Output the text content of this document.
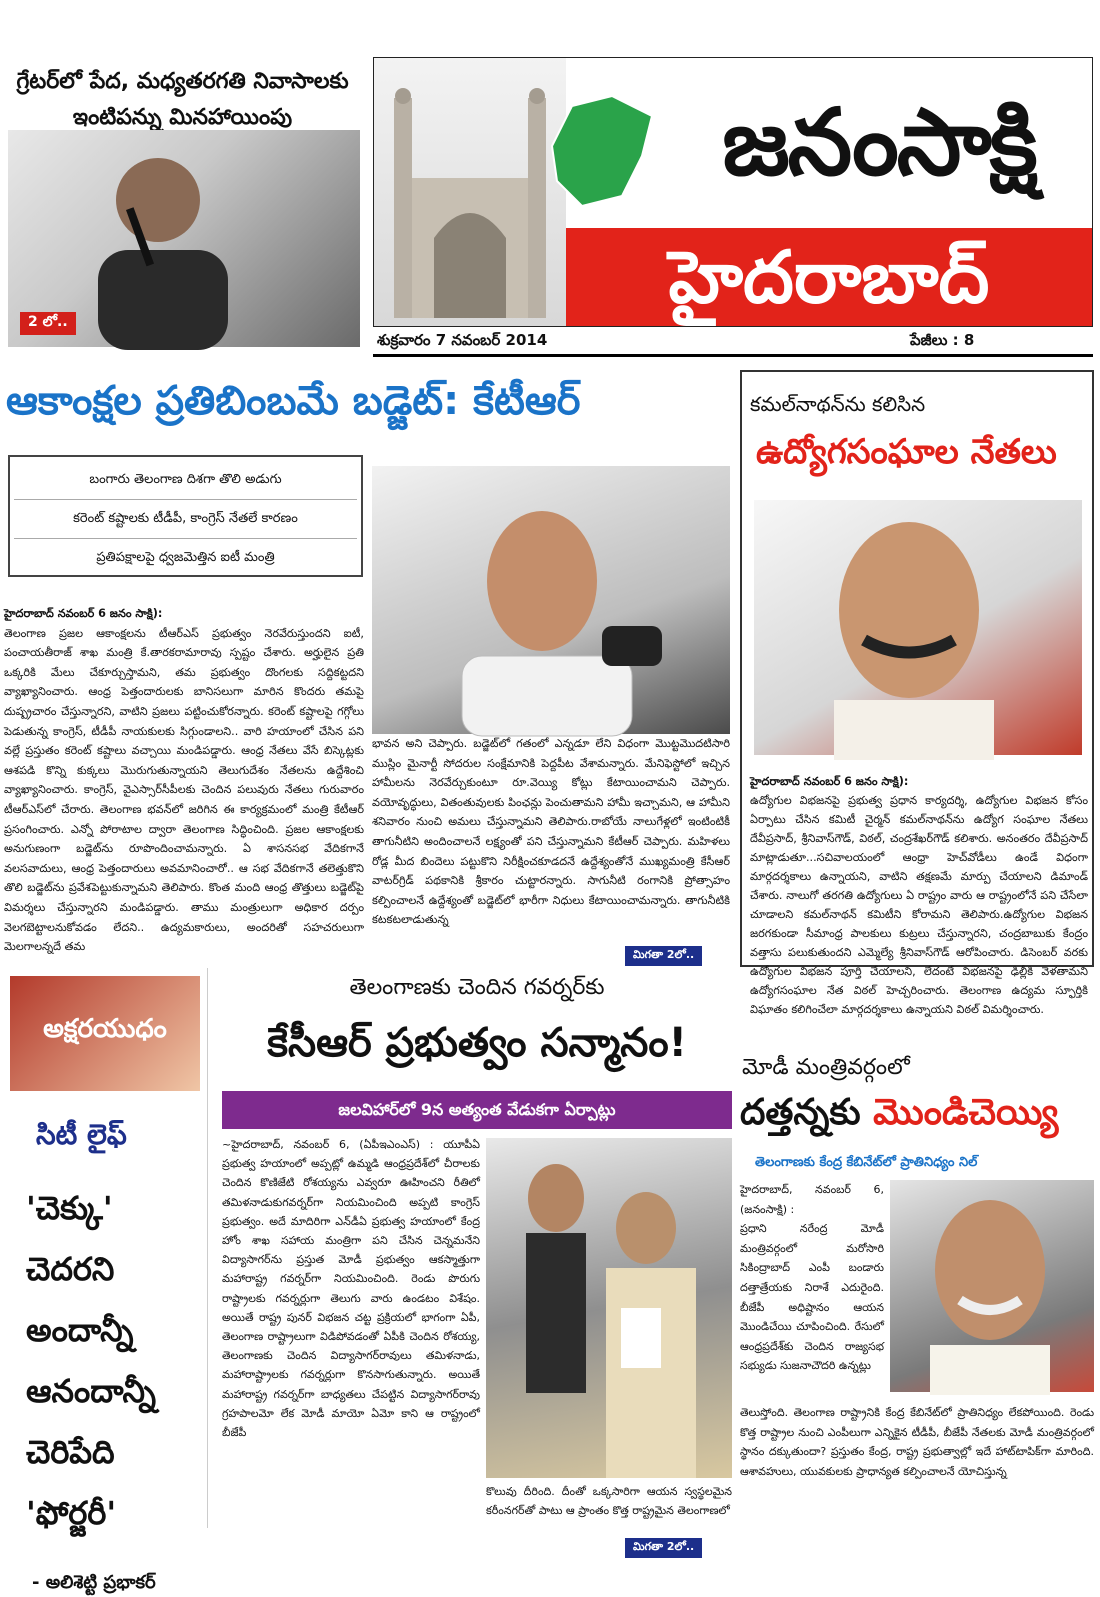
గ్రేటర్‌లో పేద, మధ్యతరగతి నివాసాలకు
ఇంటిపన్ను మినహాయింపు
2 లో..
జనంసాక్షి
హైదరాబాద్
శుక్రవారం 7 నవంబర్‌ 2014	పేజీలు : 8
ఆకాంక్షల ప్రతిబింబమే బడ్జెట్‌: కేటీఆర్‌
బంగారు తెలంగాణ దిశగా తొలి అడుగు
కరెంట్‌ కష్టాలకు టీడీపీ, కాంగ్రెస్‌ నేతలే కారణం
ప్రతిపక్షాలపై ధ్వజమెత్తిన ఐటీ మంత్రి
హైదరాబాద్‌ నవంబర్‌ 6 జనం సాక్షి):
తెలంగాణ ప్రజల ఆకాంక్షలను టీఆర్‌ఎస్‌ ప్రభుత్వం నెరవేరుస్తుందని ఐటీ, పంచాయతీరాజ్‌ శాఖ మంత్రి కే.తారకరామారావు స్పష్టం చేశారు. అర్హులైన ప్రతి ఒక్కరికి మేలు చేకూర్చుస్తామని, తమ ప్రభుత్వం దొంగలకు సద్దికట్టదని వ్యాఖ్యానించారు. ఆంధ్ర పెత్తందారులకు బానిసలుగా మారిన కొందరు తమపై దుష్ప్రచారం చేస్తున్నారని, వాటిని ప్రజలు పట్టించుకోరన్నారు. కరెంట్‌ కష్టాలపై గగ్గోలు పెడుతున్న కాంగ్రెస్‌, టీడీపీ నాయకులకు సిగ్గుండాలని.. వారి హయాంలో చేసిన పని వల్లే ప్రస్తుతం కరెంట్‌ కష్టాలు వచ్చాయి మండిపడ్డారు. ఆంధ్ర నేతలు వేసే బిస్కెట్లకు ఆశపడి కొన్ని కుక్కలు మొరుగుతున్నాయని తెలుగుదేశం నేతలను ఉద్దేశించి వ్యాఖ్యానించారు. కాంగ్రెస్‌, వైఎస్సార్‌సీపీలకు చెందిన పలువురు నేతలు గురువారం టీఆర్‌ఎస్‌లో చేరారు. తెలంగాణ భవన్‌లో జరిగిన ఈ కార్యక్రమంలో మంత్రి కేటీఆర్‌ ప్రసంగించారు. ఎన్నో పోరాటాల ద్వారా తెలంగాణ సిద్ధించింది. ప్రజల ఆకాంక్షలకు అనుగుణంగా బడ్జెట్‌ను రూపొందించామన్నారు. ఏ శాసనసభ వేదికగానే వలసవాదులు, ఆంధ్ర పెత్తందారులు అవమానించారో.. ఆ సభ వేదికగానే తలెత్తుకొని తొలి బడ్జెట్‌ను ప్రవేశపెట్టుకున్నామని తెలిపారు. కొంత మంది ఆంధ్ర తొత్తులు బడ్జెట్‌పై విమర్శలు చేస్తున్నారని మండిపడ్డారు. తాము మంత్రులుగా అధికార దర్పం వెలగబెట్టాలనుకోవడం లేదని.. ఉద్యమకారులు, అందరితో సహచరులుగా మెలగాలన్నదే తమ
భావన అని చెప్పారు. బడ్జెట్‌లో గతంలో ఎన్నడూ లేని విధంగా మొట్టమొదటిసారి ముస్లిం మైనార్టీ సోదరుల సంక్షేమానికి పెద్దపీట వేశామన్నారు. మేనిఫెస్టోలో ఇచ్చిన హామీలను నెరవేర్చుకుంటూ రూ.వెయ్యి కోట్లు కేటాయించామని చెప్పారు. వయోవృద్ధులు, వితంతువులకు పింఛన్లు పెంచుతామని హామీ ఇచ్చామని, ఆ హామీని శనివారం నుంచి అమలు చేస్తున్నామని తెలిపారు.రాబోయే నాలుగేళ్లలో ఇంటింటికీ తాగునీటిని అందించాలనే లక్ష్యంతో పని చేస్తున్నామని కేటీఆర్‌ చెప్పారు. మహిళలు రోడ్ల మీద బిందెలు పట్టుకొని నిరీక్షించకూడదనే ఉద్దేశ్యంతోనే ముఖ్యమంత్రి కేసీఆర్‌ వాటర్‌గ్రిడ్‌ పథకానికి శ్రీకారం చుట్టారన్నారు. సాగునీటి రంగానికి ప్రోత్సాహం కల్పించాలనే ఉద్దేశ్యంతో బడ్జెట్‌లో భారీగా నిధులు కేటాయించామన్నారు. తాగునీటికి కటకటలాడుతున్న
మిగతా 2లో..
కమల్‌నాథన్‌ను కలిసిన
ఉద్యోగసంఘాల నేతలు
హైదరాబాద్‌ నవంబర్‌ 6 జనం సాక్షి):
ఉద్యోగుల విభజనపై ప్రభుత్వ ప్రధాన కార్యదర్శి, ఉద్యోగుల విభజన కోసం ఏర్పాటు చేసిన కమిటీ చైర్మన్‌ కమల్‌నాథన్‌ను ఉద్యోగ సంఘాల నేతలు దేవీప్రసాద్‌, శ్రీనివాస్‌గౌడ్‌, విఠల్‌, చంద్రశేఖర్‌గౌడ్‌ కలిశారు. అనంతరం దేవీప్రసాద్‌ మాట్లాడుతూ...సచివాలయంలో ఆంధ్రా హెచ్‌వోడీలు ఉండే విధంగా మార్గదర్శకాలు ఉన్నాయని, వాటిని తక్షణమే మార్పు చేయాలని డిమాండ్‌ చేశారు. నాలుగో తరగతి ఉద్యోగులు ఏ రాష్ట్రం వారు ఆ రాష్ట్రంలోనే పని చేసేలా చూడాలని కమల్‌నాథన్‌ కమిటీని కోరామని తెలిపారు.ఉద్యోగుల విభజన జరగకుండా సీమాంధ్ర పాలకులు కుట్రలు చేస్తున్నారని, చంద్రబాబుకు కేంద్రం వత్తాసు పలుకుతుందని ఎమ్మెల్యే శ్రీనివాస్‌గౌడ్‌ ఆరోపించారు. డిసెంబర్‌ వరకు ఉద్యోగుల విభజన పూర్తి చేయాలని, లేదంటే విభజనపై ఢిల్లీకి వెళతామని ఉద్యోగసంఘాల నేత విఠల్‌ హెచ్చరించారు. తెలంగాణ ఉద్యమ స్ఫూర్తికి విఘాతం కలిగించేలా మార్గదర్శకాలు ఉన్నాయని విఠల్‌ విమర్శించారు.
అక్షరయుధం
సిటీ లైఫ్‌
'చెక్కు'
చెదరని
అందాన్నీ
ఆనందాన్నీ
చెరిపేది
'ఫోర్జరీ'
- అలిశెట్టి ప్రభాకర్‌
తెలంగాణకు చెందిన గవర్నర్‌కు
కేసీఆర్‌ ప్రభుత్వం సన్మానం!
జలవిహార్‌లో 9న అత్యంత వేడుకగా ఏర్పాట్లు
~హైదరాబాద్‌, నవంబర్‌ 6, (ఏపీఇఎంఎస్‌) : యూపీఏ ప్రభుత్వ హయాంలో అప్పట్లో ఉమ్మడి ఆంధ్రప్రదేశ్‌లో చీరాలకు చెందిన కొణిజేటి రోశయ్యను ఎవ్వరూ ఊహించని రీతిలో తమిళనాడుకుగవర్నర్‌గా నియమించింది అప్పటి కాంగ్రెస్‌ ప్రభుత్వం. అదే మాదిరిగా ఎన్‌డీఏ ప్రభుత్వ హయాంలో కేంద్ర హోం శాఖ సహాయ మంత్రిగా పని చేసిన చెన్నమనేని విద్యాసాగర్‌ను ప్రస్తుత మోడీ ప్రభుత్వం ఆకస్మాత్తుగా మహారాష్ట్ర గవర్నర్‌గా నియమించింది. రెండు పొరుగు రాష్ట్రాలకు గవర్నర్లుగా తెలుగు వారు ఉండటం విశేషం. అయితే రాష్ట్ర పునర్‌ విభజన చట్ట ప్రక్రియలో భాగంగా ఏపీ, తెలంగాణ రాష్ట్రాలుగా విడిపోవడంతో ఏపీకి చెందిన రోశయ్య, తెలంగాణకు చెందిన విద్యాసాగర్‌రావులు తమిళనాడు, మహారాష్ట్రాలకు గవర్నర్లుగా కొనసాగుతున్నారు. అయితే మహారాష్ట్ర గవర్నర్‌గా బాధ్యతలు చేపట్టిన విద్యాసాగర్‌రావు గ్రహపాలమో లేక మోడీ మాయో ఏమో కాని ఆ రాష్ట్రంలో బీజేపీ
కొలువు దీరింది. దీంతో ఒక్కసారిగా ఆయన స్వస్థలమైన కరీంనగర్‌తో పాటు ఆ ప్రాంతం కొత్త రాష్ట్రమైన తెలంగాణలో
మిగతా 2లో..
మోడీ మంత్రివర్గంలో
దత్తన్నకు మొండిచెయ్యి
తెలంగాణకు కేంద్ర కేబినేట్‌లో ప్రాతినిధ్యం నిల్‌
హైదరాబాద్‌, నవంబర్‌ 6, (జనంసాక్షి) :
ప్రధాని నరేంద్ర మోడీ మంత్రివర్గంలో మరోసారి సికింద్రాబాద్‌ ఎంపీ బండారు దత్తాత్రేయకు నిరాశే ఎదురైంది. బీజేపీ అధిష్టానం ఆయన మొండిచేయి చూపించింది. రేసులో ఆంధ్రప్రదేశ్‌కు చెందిన రాజ్యసభ సభ్యుడు సుజనాచౌదరి ఉన్నట్లు
తెలుస్తోంది. తెలంగాణ రాష్ట్రానికి కేంద్ర కేబినేట్‌లో ప్రాతినిధ్యం లేకపోయింది. రెండు కొత్త రాష్ట్రాల నుంచి ఎంపీలుగా ఎన్నికైన టీడీపీ, బీజేపీ నేతలకు మోడీ మంత్రివర్గంలో స్థానం దక్కుతుందా? ప్రస్తుతం కేంద్ర, రాష్ట్ర ప్రభుత్వాల్లో ఇదే హాట్‌టాపిక్‌గా మారింది. ఆశావహులు, యువకులకు ప్రాధాన్యత కల్పించాలనే యోచిస్తున్న
